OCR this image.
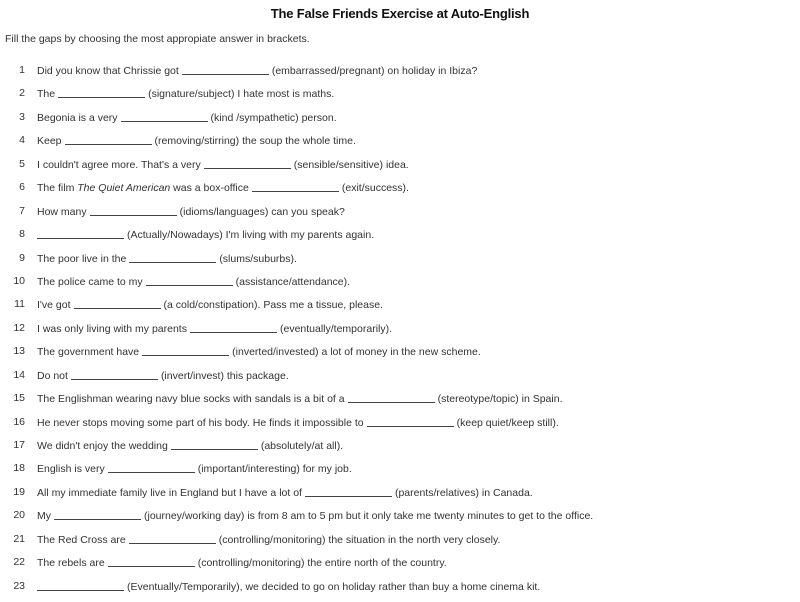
The False Friends Exercise at Auto-English
Fill the gaps by choosing the most appropiate answer in brackets.
1 Did you know that Chrissie got	(embarrassed/pregnant) on holiday in Ibiza?
2 The	(signature/subject) I hate most is maths.
3 Begonia is a very	(kind /sympathetic) person.
4 Keep	(removing/stirring) the soup the whole time.
5 I couldn't agree more. That's a very	(sensible/sensitive) idea.
6 The film The Quiet American was a box-office	(exit/success).
7 How many	(idioms/languages) can you speak?
8	(Actually/Nowadays) I'm living with my parents again.
9 The poor live in the	(slums/suburbs).
10 The police came to my	(assistance/attendance).
11 I've got	(a cold/constipation). Pass me a tissue, please.
12 I was only living with my parents	(eventually/temporarily).
13 The government have	(inverted/invested) a lot of money in the new scheme.
14 Do not	(invert/invest) this package.
15 The Englishman wearing navy blue socks with sandals is a bit of a	(stereotype/topic) in Spain.
16 He never stops moving some part of his body. He finds it impossible to	(keep quiet/keep still).
17 We didn't enjoy the wedding	(absolutely/at all).
18 English is very	(important/interesting) for my job.
19 All my immediate family live in England but I have a lot of	(parents/relatives) in Canada.
20 My	(journey/working day) is from 8 am to 5 pm but it only take me twenty minutes to get to the office.
21 The Red Cross are	(controlling/monitoring) the situation in the north very closely.
22 The rebels are	(controlling/monitoring) the entire north of the country.
23	(Eventually/Temporarily), we decided to go on holiday rather than buy a home cinema kit.
